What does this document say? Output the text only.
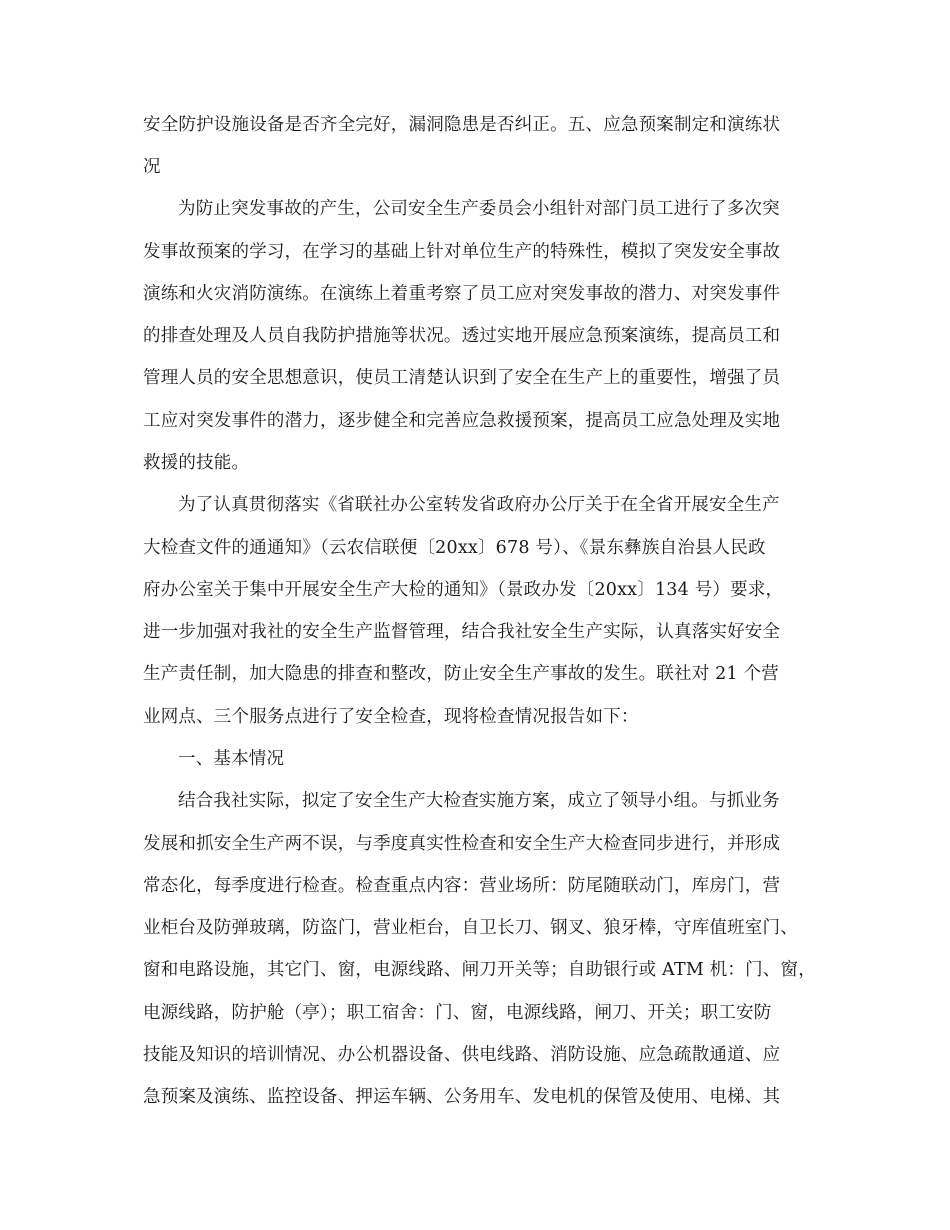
安全防护设施设备是否齐全完好，漏洞隐患是否纠正。五、应急预案制定和演练状
况
为防止突发事故的产生，公司安全生产委员会小组针对部门员工进行了多次突
发事故预案的学习，在学习的基础上针对单位生产的特殊性，模拟了突发安全事故
演练和火灾消防演练。在演练上着重考察了员工应对突发事故的潜力、对突发事件
的排查处理及人员自我防护措施等状况。透过实地开展应急预案演练，提高员工和
管理人员的安全思想意识，使员工清楚认识到了安全在生产上的重要性，增强了员
工应对突发事件的潜力，逐步健全和完善应急救援预案，提高员工应急处理及实地
救援的技能。
为了认真贯彻落实《省联社办公室转发省政府办公厅关于在全省开展安全生产
大检查文件的通通知》（云农信联便〔20xx〕678 号）、《景东彝族自治县人民政
府办公室关于集中开展安全生产大检的通知》（景政办发〔20xx〕134 号）要求，
进一步加强对我社的安全生产监督管理，结合我社安全生产实际，认真落实好安全
生产责任制，加大隐患的排查和整改，防止安全生产事故的发生。联社对 21 个营
业网点、三个服务点进行了安全检查，现将检查情况报告如下：
一、基本情况
结合我社实际，拟定了安全生产大检查实施方案，成立了领导小组。与抓业务
发展和抓安全生产两不误，与季度真实性检查和安全生产大检查同步进行，并形成
常态化，每季度进行检查。检查重点内容：营业场所：防尾随联动门，库房门，营
业柜台及防弹玻璃，防盗门，营业柜台，自卫长刀、钢叉、狼牙棒，守库值班室门、
窗和电路设施，其它门、窗，电源线路、闸刀开关等；自助银行或 ATM 机：门、窗，
电源线路，防护舱（亭）；职工宿舍：门、窗，电源线路，闸刀、开关；职工安防
技能及知识的培训情况、办公机器设备、供电线路、消防设施、应急疏散通道、应
急预案及演练、监控设备、押运车辆、公务用车、发电机的保管及使用、电梯、其
